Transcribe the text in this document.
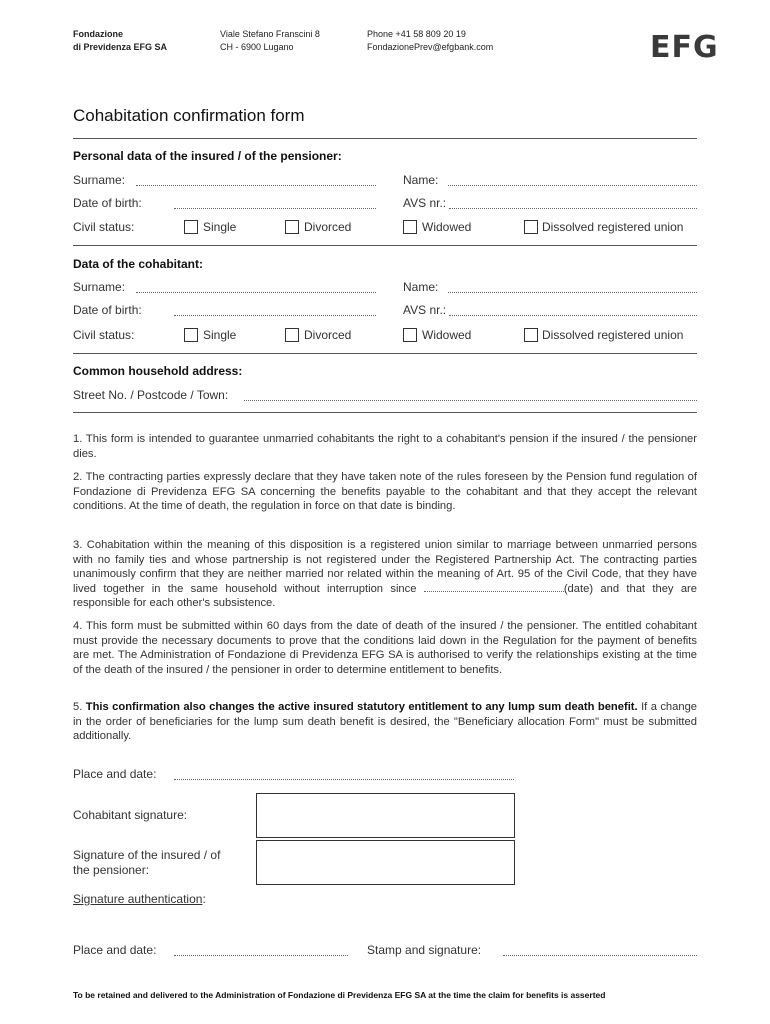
Fondazione
di Previdenza EFG SA
Viale Stefano Franscini 8
CH - 6900 Lugano
Phone +41 58 809 20 19
FondazionePrev@efgbank.com	EFG
Cohabitation confirmation form
Personal data of the insured / of the pensioner:
Surname:	Name:
Date of birth:	AVS nr.:
Civil status:	Single	Divorced	Widowed	Dissolved registered union
Data of the cohabitant:
Surname:	Name:
Date of birth:	AVS nr.:
Civil status:	Single	Divorced	Widowed	Dissolved registered union
Common household address:
Street No. / Postcode / Town:
1. This form is intended to guarantee unmarried cohabitants the right to a cohabitant's pension if the insured / the pensioner dies.
2. The contracting parties expressly declare that they have taken note of the rules foreseen by the Pension fund regulation of Fondazione di Previdenza EFG SA concerning the benefits payable to the cohabitant and that they accept the relevant conditions. At the time of death, the regulation in force on that date is binding.
3. Cohabitation within the meaning of this disposition is a registered union similar to marriage between unmarried persons with no family ties and whose partnership is not registered under the Registered Partnership Act. The contracting parties unanimously confirm that they are neither married nor related within the meaning of Art. 95 of the Civil Code, that they have lived together in the same household without interruption since	(date) and that they are responsible for each other's subsistence.
4. This form must be submitted within 60 days from the date of death of the insured / the pensioner. The entitled cohabitant must provide the necessary documents to prove that the conditions laid down in the Regulation for the payment of benefits are met. The Administration of Fondazione di Previdenza EFG SA is authorised to verify the relationships existing at the time of the death of the insured / the pensioner in order to determine entitlement to benefits.
5. This confirmation also changes the active insured statutory entitlement to any lump sum death benefit. If a change in the order of beneficiaries for the lump sum death benefit is desired, the "Beneficiary allocation Form" must be submitted additionally.
Place and date:
Cohabitant signature:
Signature of the insured / of
the pensioner:
Signature authentication:
Place and date:	Stamp and signature:
To be retained and delivered to the Administration of Fondazione di Previdenza EFG SA at the time the claim for benefits is asserted
